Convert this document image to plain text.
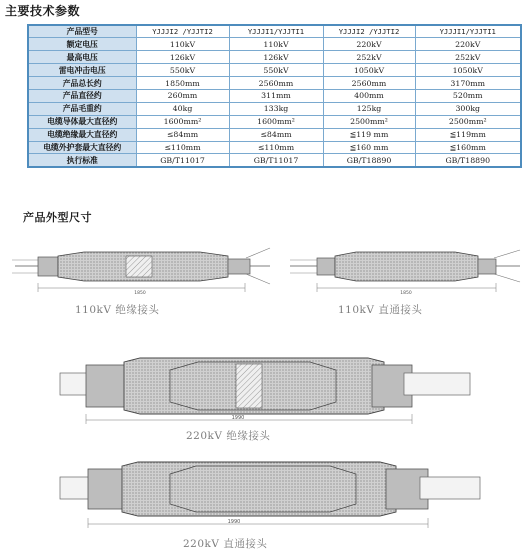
主要技术参数
产品型号	YJJJI2 /YJJTI2	YJJJI1/YJJTI1	YJJJI2 /YJJTI2	YJJJI1/YJJTI1
额定电压	110kV	110kV	220kV	220kV
最高电压	126kV	126kV	252kV	252kV
雷电冲击电压	550kV	550kV	1050kV	1050kV
产品总长约	1850mm	2560mm	2560mm	3170mm
产品直径约	260mm	311mm	400mm	520mm
产品毛重约	40kg	133kg	125kg	300kg
电缆导体最大直径约	1600mm²	1600mm²	2500mm²	2500mm²
电缆绝缘最大直径约	≤84mm	≤84mm	≦119 mm	≦119mm
电缆外护套最大直径约	≤110mm	≤110mm	≦160 mm	≦160mm
执行标准	GB/T11017	GB/T11017	GB/T18890	GB/T18890
产品外型尺寸
1850	1850
1990
1990
110kV 绝缘接头	110kV 直通接头
220kV 绝缘接头
220kV 直通接头
